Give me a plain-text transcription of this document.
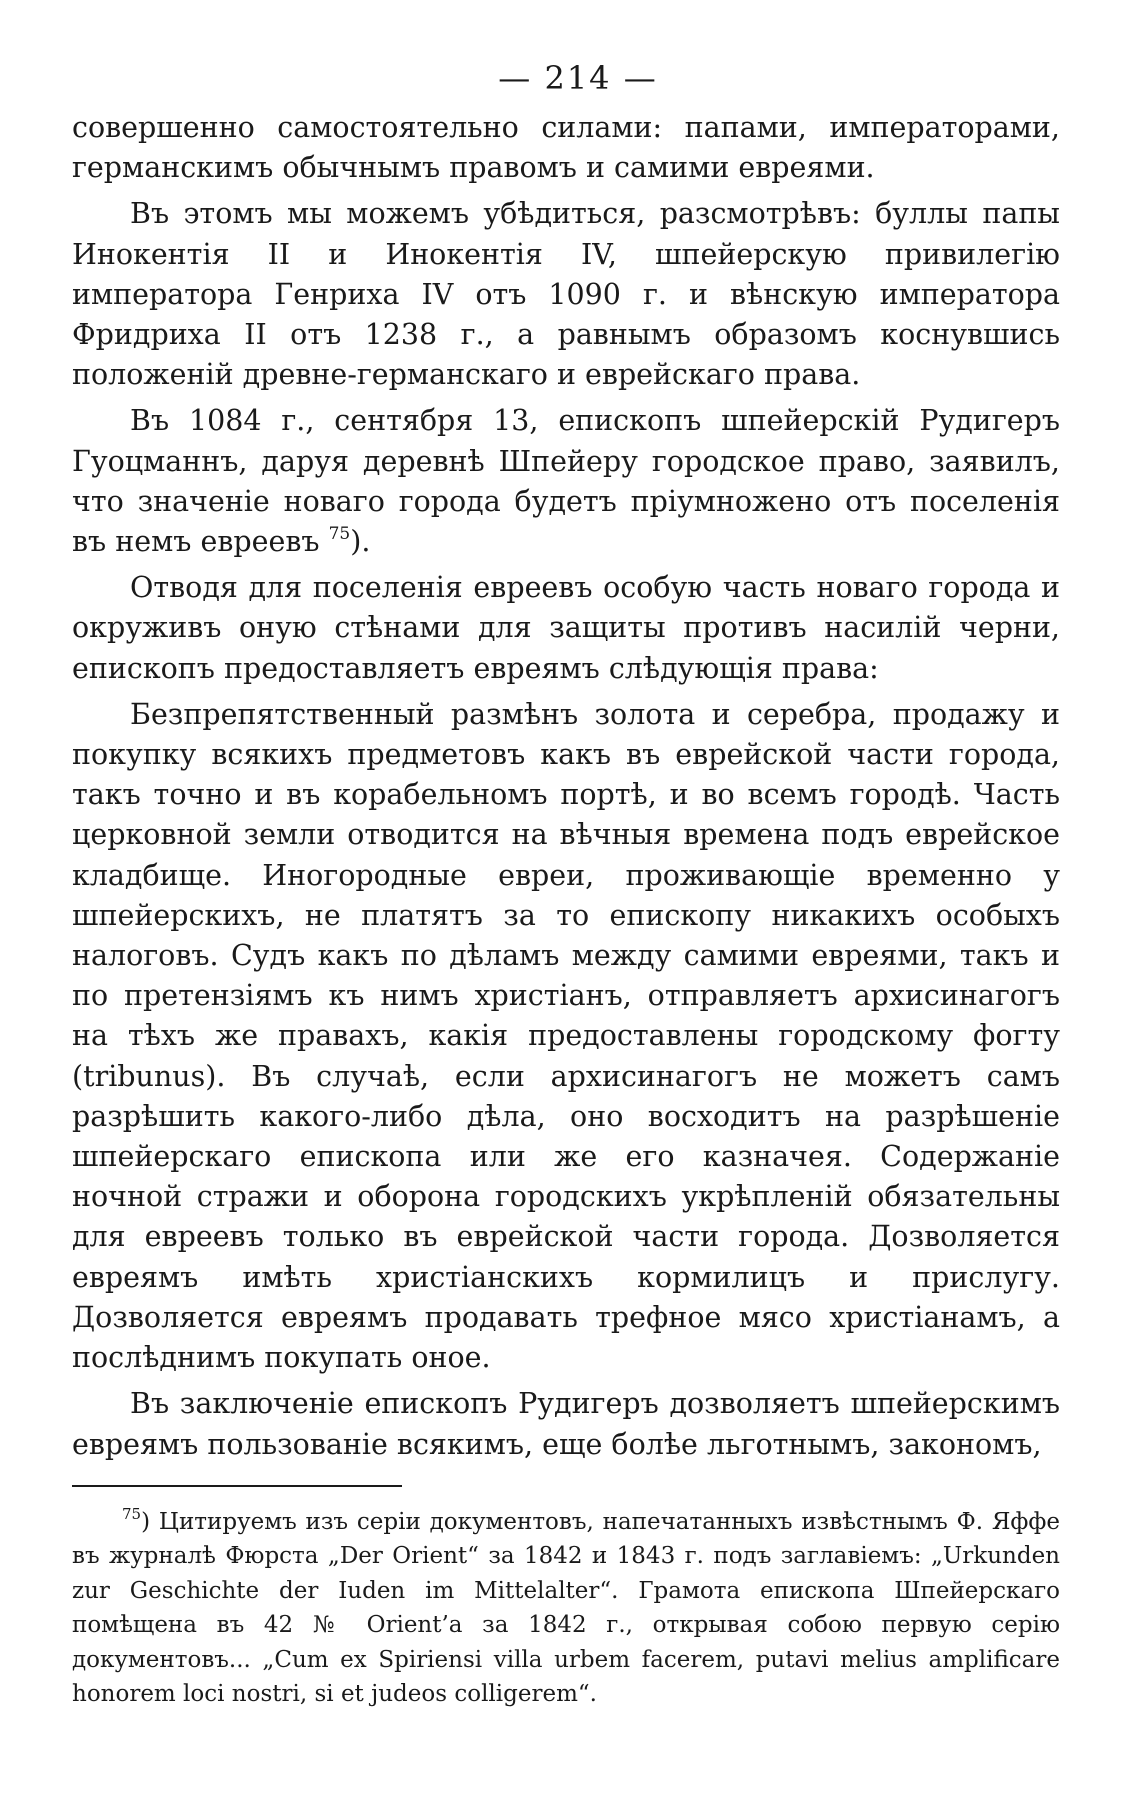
— 214 —

совершенно самостоятельно силами: папами, императорами, германскимъ обычнымъ правомъ и самими евреями.

Въ этомъ мы можемъ убѣдиться, разсмотрѣвъ: буллы папы Инокентія II и Инокентія IV, шпейерскую привилегію императора Генриха IV отъ 1090 г. и вѣнскую императора Фридриха II отъ 1238 г., а равнымъ образомъ коснувшись положеній древне-германскаго и еврейскаго права.

Въ 1084 г., сентября 13, епископъ шпейерскій Рудигеръ Гуоцманнъ, даруя деревнѣ Шпейеру городское право, заявилъ, что значеніе новаго города будетъ пріумножено отъ поселенія въ немъ евреевъ $^{75}$).

Отводя для поселенія евреевъ особую часть новаго города и окруживъ оную стѣнами для защиты противъ насилій черни, епископъ предоставляетъ евреямъ слѣдующія права:

Безпрепятственный размѣнъ золота и серебра, продажу и покупку всякихъ предметовъ какъ въ еврейской части города, такъ точно и въ корабельномъ портѣ, и во всемъ городѣ. Часть церковной земли отводится на вѣчныя времена подъ еврейское кладбище. Иногородные евреи, проживающіе временно у шпейерскихъ, не платятъ за то епископу никакихъ особыхъ налоговъ. Судъ какъ по дѣламъ между самими евреями, такъ и по претензіямъ къ нимъ христіанъ, отправляетъ архисинагогъ на тѣхъ же правахъ, какія предоставлены городскому фогту (tribunus). Въ случаѣ, если архисинагогъ не можетъ самъ разрѣшить какого-либо дѣла, оно восходитъ на разрѣшеніе шпейерскаго епископа или же его казначея. Содержаніе ночной стражи и оборона городскихъ укрѣпленій обязательны для евреевъ только въ еврейской части города. Дозволяется евреямъ имѣть христіанскихъ кормилицъ и прислугу. Дозволяется евреямъ продавать трефное мясо христіанамъ, а послѣднимъ покупать оное.

Въ заключеніе епископъ Рудигеръ дозволяетъ шпейерскимъ евреямъ пользованіе всякимъ, еще болѣе льготнымъ, закономъ,

$^{75}$) Цитируемъ изъ серіи документовъ, напечатанныхъ извѣстнымъ Ф. Яффе въ журналѣ Фюрста „Der Orient“ за 1842 и 1843 г. подъ заглавіемъ: „Urkunden zur Geschichte der Iuden im Mittelalter“. Грамота епископа Шпейерскаго помѣщена въ 42 № Orient’а за 1842 г., открывая собою первую серію документовъ... „Cum ex Spiriensi villa urbem facerem, putavi melius amplificare honorem loci nostri, si et judeos colligerem“.
